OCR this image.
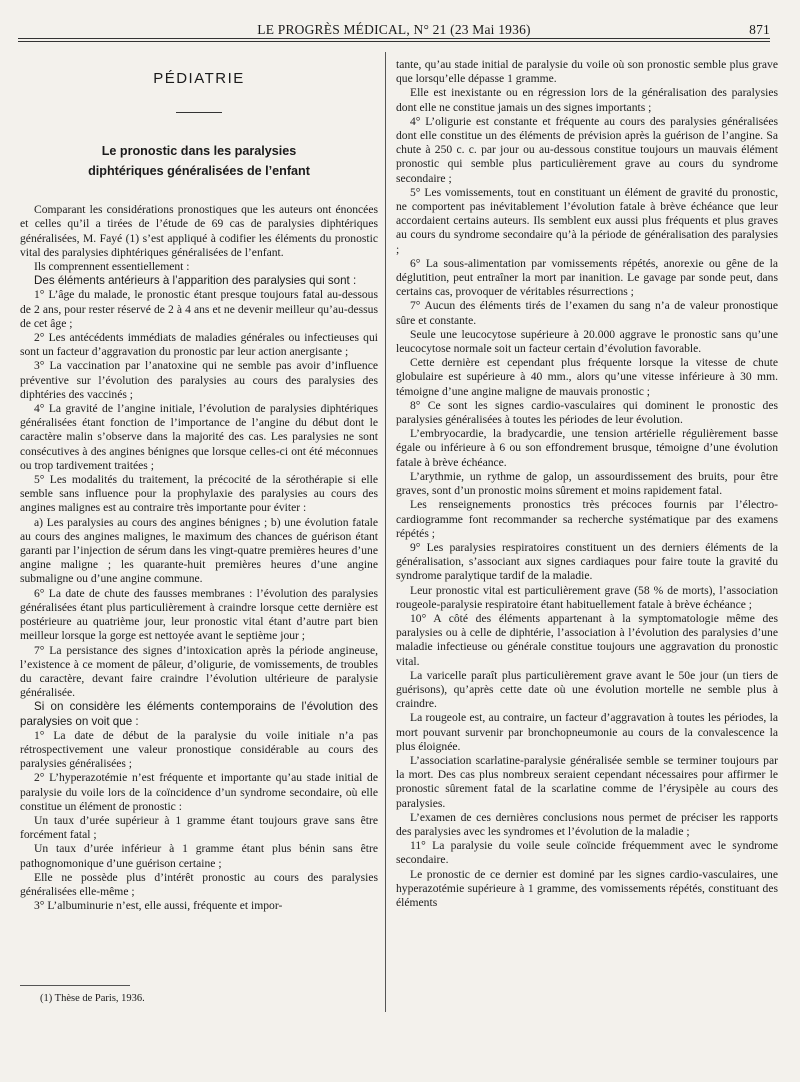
LE PROGRÈS MÉDICAL, N° 21 (23 Mai 1936)	871
PÉDIATRIE
Le pronostic dans les paralysies
diphtériques généralisées de l’enfant

Comparant les considérations pronostiques que les auteurs ont énoncées et celles qu’il a tirées de l’étude de 69 cas de paralysies diphtériques généralisées, M. Fayé (1) s’est appliqué à codifier les éléments du pronostic vital des paralysies diphtériques généralisées de l’enfant.

Ils comprennent essentiellement :

Des éléments antérieurs à l’apparition des paralysies qui sont :

1° L’âge du malade, le pronostic étant presque toujours fatal au-dessous de 2 ans, pour rester réservé de 2 à 4 ans et ne devenir meilleur qu’au-dessus de cet âge ;

2° Les antécédents immédiats de maladies générales ou infectieuses qui sont un facteur d’aggravation du pronostic par leur action anergisante ;

3° La vaccination par l’anatoxine qui ne semble pas avoir d’influence préventive sur l’évolution des paralysies au cours des paralysies des diphtéries des vaccinés ;

4° La gravité de l’angine initiale, l’évolution de paralysies diphtériques généralisées étant fonction de l’importance de l’angine du début dont le caractère malin s’observe dans la majorité des cas. Les paralysies ne sont consécutives à des angines bénignes que lorsque celles-ci ont été méconnues ou trop tardivement traitées ;

5° Les modalités du traitement, la précocité de la sérothérapie si elle semble sans influence pour la prophylaxie des paralysies au cours des angines malignes est au contraire très importante pour éviter :

a) Les paralysies au cours des angines bénignes ; b) une évolution fatale au cours des angines malignes, le maximum des chances de guérison étant garanti par l’injection de sérum dans les vingt-quatre premières heures d’une angine maligne ; les quarante-huit premières heures d’une angine submaligne ou d’une angine commune.

6° La date de chute des fausses membranes : l’évolution des paralysies généralisées étant plus particulièrement à craindre lorsque cette dernière est postérieure au quatrième jour, leur pronostic vital étant d’autre part bien meilleur lorsque la gorge est nettoyée avant le septième jour ;

7° La persistance des signes d’intoxication après la période angineuse, l’existence à ce moment de pâleur, d’oligurie, de vomissements, de troubles du caractère, devant faire craindre l’évolution ultérieure de paralysie généralisée.

Si on considère les éléments contemporains de l’évolution des paralysies on voit que :

1° La date de début de la paralysie du voile initiale n’a pas rétrospectivement une valeur pronostique considérable au cours des paralysies généralisées ;

2° L’hyperazotémie n’est fréquente et importante qu’au stade initial de paralysie du voile lors de la coïncidence d’un syndrome secondaire, où elle constitue un élément de pronostic :

Un taux d’urée supérieur à 1 gramme étant toujours grave sans être forcément fatal ;

Un taux d’urée inférieur à 1 gramme étant plus bénin sans être pathognomonique d’une guérison certaine ;

Elle ne possède plus d’intérêt pronostic au cours des paralysies généralisées elle-même ;

3° L’albuminurie n’est, elle aussi, fréquente et impor-

(1) Thèse de Paris, 1936.

tante, qu’au stade initial de paralysie du voile où son pronostic semble plus grave que lorsqu’elle dépasse 1 gramme.

Elle est inexistante ou en régression lors de la généralisation des paralysies dont elle ne constitue jamais un des signes importants ;

4° L’oligurie est constante et fréquente au cours des paralysies généralisées dont elle constitue un des éléments de prévision après la guérison de l’angine. Sa chute à 250 c. c. par jour ou au-dessous constitue toujours un mauvais élément pronostic qui semble plus particulièrement grave au cours du syndrome secondaire ;

5° Les vomissements, tout en constituant un élément de gravité du pronostic, ne comportent pas inévitablement l’évolution fatale à brève échéance que leur accordaient certains auteurs. Ils semblent eux aussi plus fréquents et plus graves au cours du syndrome secondaire qu’à la période de généralisation des paralysies ;

6° La sous-alimentation par vomissements répétés, anorexie ou gêne de la déglutition, peut entraîner la mort par inanition. Le gavage par sonde peut, dans certains cas, provoquer de véritables résurrections ;

7° Aucun des éléments tirés de l’examen du sang n’a de valeur pronostique sûre et constante.

Seule une leucocytose supérieure à 20.000 aggrave le pronostic sans qu’une leucocytose normale soit un facteur certain d’évolution favorable.

Cette dernière est cependant plus fréquente lorsque la vitesse de chute globulaire est supérieure à 40 mm., alors qu’une vitesse inférieure à 30 mm. témoigne d’une angine maligne de mauvais pronostic ;

8° Ce sont les signes cardio-vasculaires qui dominent le pronostic des paralysies généralisées à toutes les périodes de leur évolution.

L’embryocardie, la bradycardie, une tension artérielle régulièrement basse égale ou inférieure à 6 ou son effondrement brusque, témoigne d’une évolution fatale à brève échéance.

L’arythmie, un rythme de galop, un assourdissement des bruits, pour être graves, sont d’un pronostic moins sûrement et moins rapidement fatal.

Les renseignements pronostics très précoces fournis par l’électro-cardiogramme font recommander sa recherche systématique par des examens répétés ;

9° Les paralysies respiratoires constituent un des derniers éléments de la généralisation, s’associant aux signes cardiaques pour faire toute la gravité du syndrome paralytique tardif de la maladie.

Leur pronostic vital est particulièrement grave (58 % de morts), l’association rougeole-paralysie respiratoire étant habituellement fatale à brève échéance ;

10° A côté des éléments appartenant à la symptomatologie même des paralysies ou à celle de diphtérie, l’association à l’évolution des paralysies d’une maladie infectieuse ou générale constitue toujours une aggravation du pronostic vital.

La varicelle paraît plus particulièrement grave avant le 50e jour (un tiers de guérisons), qu’après cette date où une évolution mortelle ne semble plus à craindre.

La rougeole est, au contraire, un facteur d’aggravation à toutes les périodes, la mort pouvant survenir par bronchopneumonie au cours de la convalescence la plus éloignée.

L’association scarlatine-paralysie généralisée semble se terminer toujours par la mort. Des cas plus nombreux seraient cependant nécessaires pour affirmer le pronostic sûrement fatal de la scarlatine comme de l’érysipèle au cours des paralysies.

L’examen de ces dernières conclusions nous permet de préciser les rapports des paralysies avec les syndromes et l’évolution de la maladie ;

11° La paralysie du voile seule coïncide fréquemment avec le syndrome secondaire.

Le pronostic de ce dernier est dominé par les signes cardio-vasculaires, une hyperazotémie supérieure à 1 gramme, des vomissements répétés, constituant des éléments
